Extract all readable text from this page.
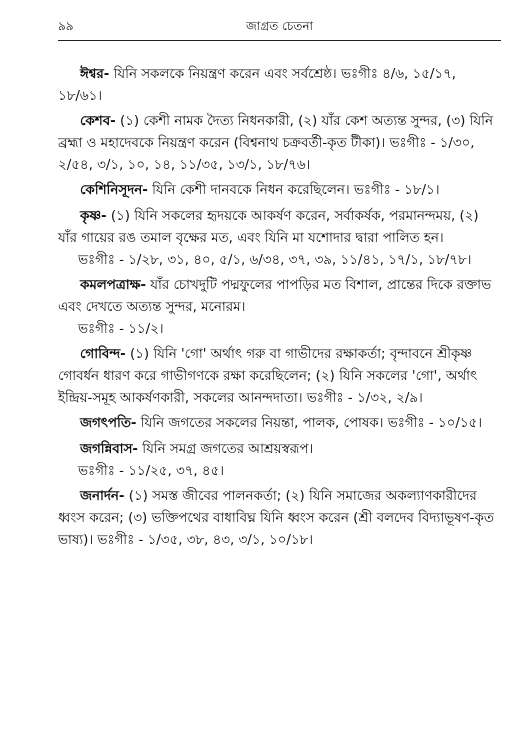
৯৯	জাগ্রত চেতনা

ঈশ্বর- যিনি সকলকে নিয়ন্ত্রণ করেন এবং সর্বশ্রেষ্ঠ। ভঃগীঃ ৪/৬, ১৫/১৭, ১৮/৬১।

কেশব- (১) কেশী নামক দৈত্য নিধনকারী, (২) যাঁর কেশ অত্যন্ত সুন্দর, (৩) যিনি ব্রহ্মা ও মহাদেবকে নিয়ন্ত্রণ করেন (বিশ্বনাথ চক্রবর্তী-কৃত টীকা)। ভঃগীঃ - ১/৩০, ২/৫৪, ৩/১, ১০, ১৪, ১১/৩৫, ১৩/১, ১৮/৭৬।

কেশিনিসূদন- যিনি কেশী দানবকে নিধন করেছিলেন। ভঃগীঃ - ১৮/১।

কৃষ্ণ- (১) যিনি সকলের হৃদয়কে আকর্ষণ করেন, সর্বাকর্ষক, পরমানন্দময়, (২) যাঁর গায়ের রঙ তমাল বৃক্ষের মত, এবং যিনি মা যশোদার দ্বারা পালিত হন।

ভঃগীঃ - ১/২৮, ৩১, ৪০, ৫/১, ৬/৩৪, ৩৭, ৩৯, ১১/৪১, ১৭/১, ১৮/৭৮।

কমলপত্রাক্ষ- যাঁর চোখদুটি পদ্মফুলের পাপড়ির মত বিশাল, প্রান্তের দিকে রক্তাভ এবং দেখতে অত্যন্ত সুন্দর, মনোরম।

ভঃগীঃ - ১১/২।

গোবিন্দ- (১) যিনি 'গো' অর্থাৎ গরু বা গাভীদের রক্ষাকর্তা; বৃন্দাবনে শ্রীকৃষ্ণ গোবর্ধন ধারণ করে গাভীগণকে রক্ষা করেছিলেন; (২) যিনি সকলের 'গো', অর্থাৎ ইন্দ্রিয়-সমূহ আকর্ষণকারী, সকলের আনন্দদাতা। ভঃগীঃ - ১/৩২, ২/৯।

জগৎপতি- যিনি জগতের সকলের নিয়ন্তা, পালক, পোষক। ভঃগীঃ - ১০/১৫।

জগন্নিবাস- যিনি সমগ্র জগতের আশ্রয়স্বরূপ।

ভঃগীঃ - ১১/২৫, ৩৭, ৪৫।

জনার্দন- (১) সমস্ত জীবের পালনকর্তা; (২) যিনি সমাজের অকল্যাণকারীদের ধ্বংস করেন; (৩) ভক্তিপথের বাধাবিঘ্ন যিনি ধ্বংস করেন (শ্রী বলদেব বিদ্যাভূষণ-কৃত ভাষ্য)। ভঃগীঃ - ১/৩৫, ৩৮, ৪৩, ৩/১, ১০/১৮।
